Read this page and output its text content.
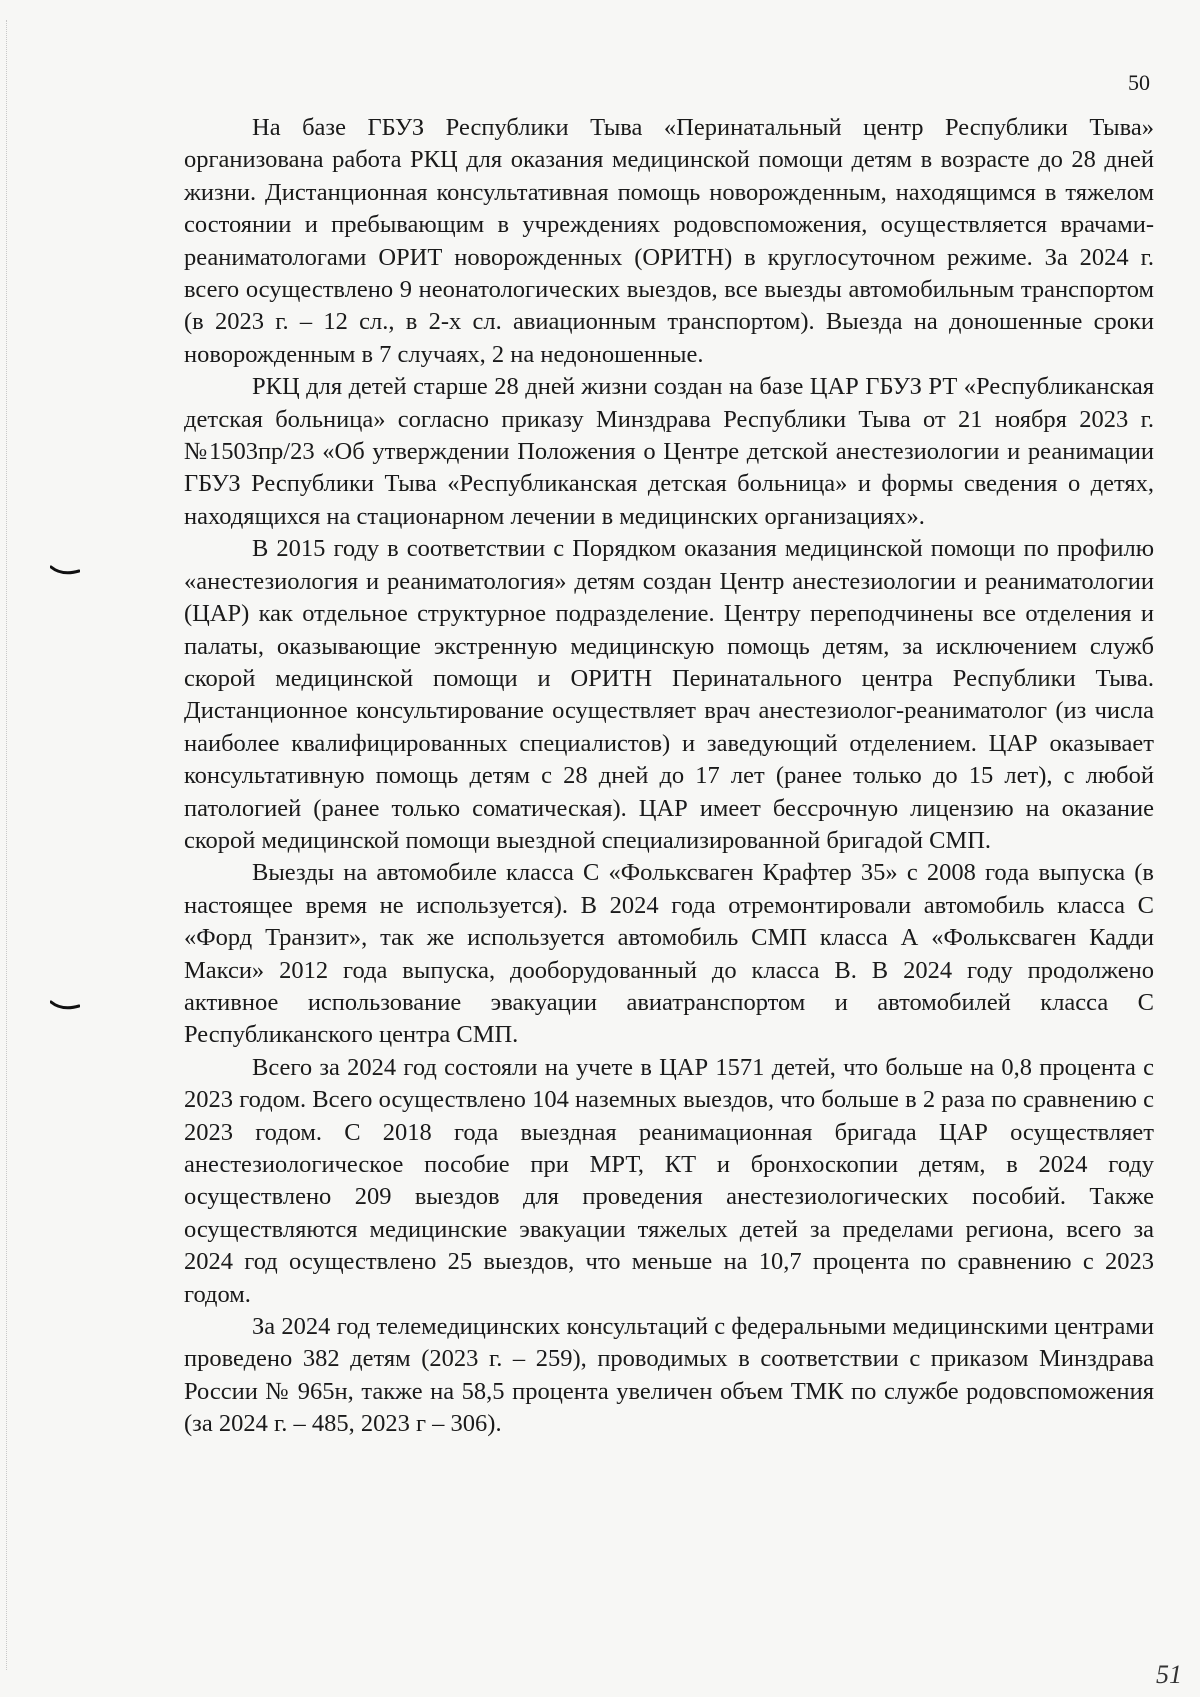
50

На базе ГБУЗ Республики Тыва «Перинатальный центр Республики Тыва» организована работа РКЦ для оказания медицинской помощи детям в возрасте до 28 дней жизни. Дистанционная консультативная помощь новорожденным, находящимся в тяжелом состоянии и пребывающим в учреждениях родовспоможения, осуществляется врачами-реаниматологами ОРИТ новорожденных (ОРИТН) в круглосуточном режиме. За 2024 г. всего осуществлено 9 неонатологических выездов, все выезды автомобильным транспортом (в 2023 г. – 12 сл., в 2-х сл. авиационным транспортом). Выезда на доношенные сроки новорожденным в 7 случаях, 2 на недоношенные.

РКЦ для детей старше 28 дней жизни создан на базе ЦАР ГБУЗ РТ «Республиканская детская больница» согласно приказу Минздрава Республики Тыва от 21 ноября 2023 г. №1503пр/23 «Об утверждении Положения о Центре детской анестезиологии и реанимации ГБУЗ Республики Тыва «Республиканская детская больница» и формы сведения о детях, находящихся на стационарном лечении в медицинских организациях».

В 2015 году в соответствии с Порядком оказания медицинской помощи по профилю «анестезиология и реаниматология» детям создан Центр анестезиологии и реаниматологии (ЦАР) как отдельное структурное подразделение. Центру переподчинены все отделения и палаты, оказывающие экстренную медицинскую помощь детям, за исключением служб скорой медицинской помощи и ОРИТН Перинатального центра Республики Тыва. Дистанционное консультирование осуществляет врач анестезиолог-реаниматолог (из числа наиболее квалифицированных специалистов) и заведующий отделением. ЦАР оказывает консультативную помощь детям с 28 дней до 17 лет (ранее только до 15 лет), с любой патологией (ранее только соматическая). ЦАР имеет бессрочную лицензию на оказание скорой медицинской помощи выездной специализированной бригадой СМП.

Выезды на автомобиле класса С «Фольксваген Крафтер 35» с 2008 года выпуска (в настоящее время не используется). В 2024 года отремонтировали автомобиль класса С «Форд Транзит», так же используется автомобиль СМП класса А «Фольксваген Кадди Макси» 2012 года выпуска, дооборудованный до класса В. В 2024 году продолжено активное использование эвакуации авиатранспортом и автомобилей класса С Республиканского центра СМП.

Всего за 2024 год состояли на учете в ЦАР 1571 детей, что больше на 0,8 процента с 2023 годом. Всего осуществлено 104 наземных выездов, что больше в 2 раза по сравнению с 2023 годом. С 2018 года выездная реанимационная бригада ЦАР осуществляет анестезиологическое пособие при МРТ, КТ и бронхоскопии детям, в 2024 году осуществлено 209 выездов для проведения анестезиологических пособий. Также осуществляются медицинские эвакуации тяжелых детей за пределами региона, всего за 2024 год осуществлено 25 выездов, что меньше на 10,7 процента по сравнению с 2023 годом.

За 2024 год телемедицинских консультаций с федеральными медицинскими центрами проведено 382 детям (2023 г. – 259), проводимых в соответствии с приказом Минздрава России № 965н, также на 58,5 процента увеличен объем ТМК по службе родовспоможения (за 2024 г. – 485, 2023 г – 306).

51
